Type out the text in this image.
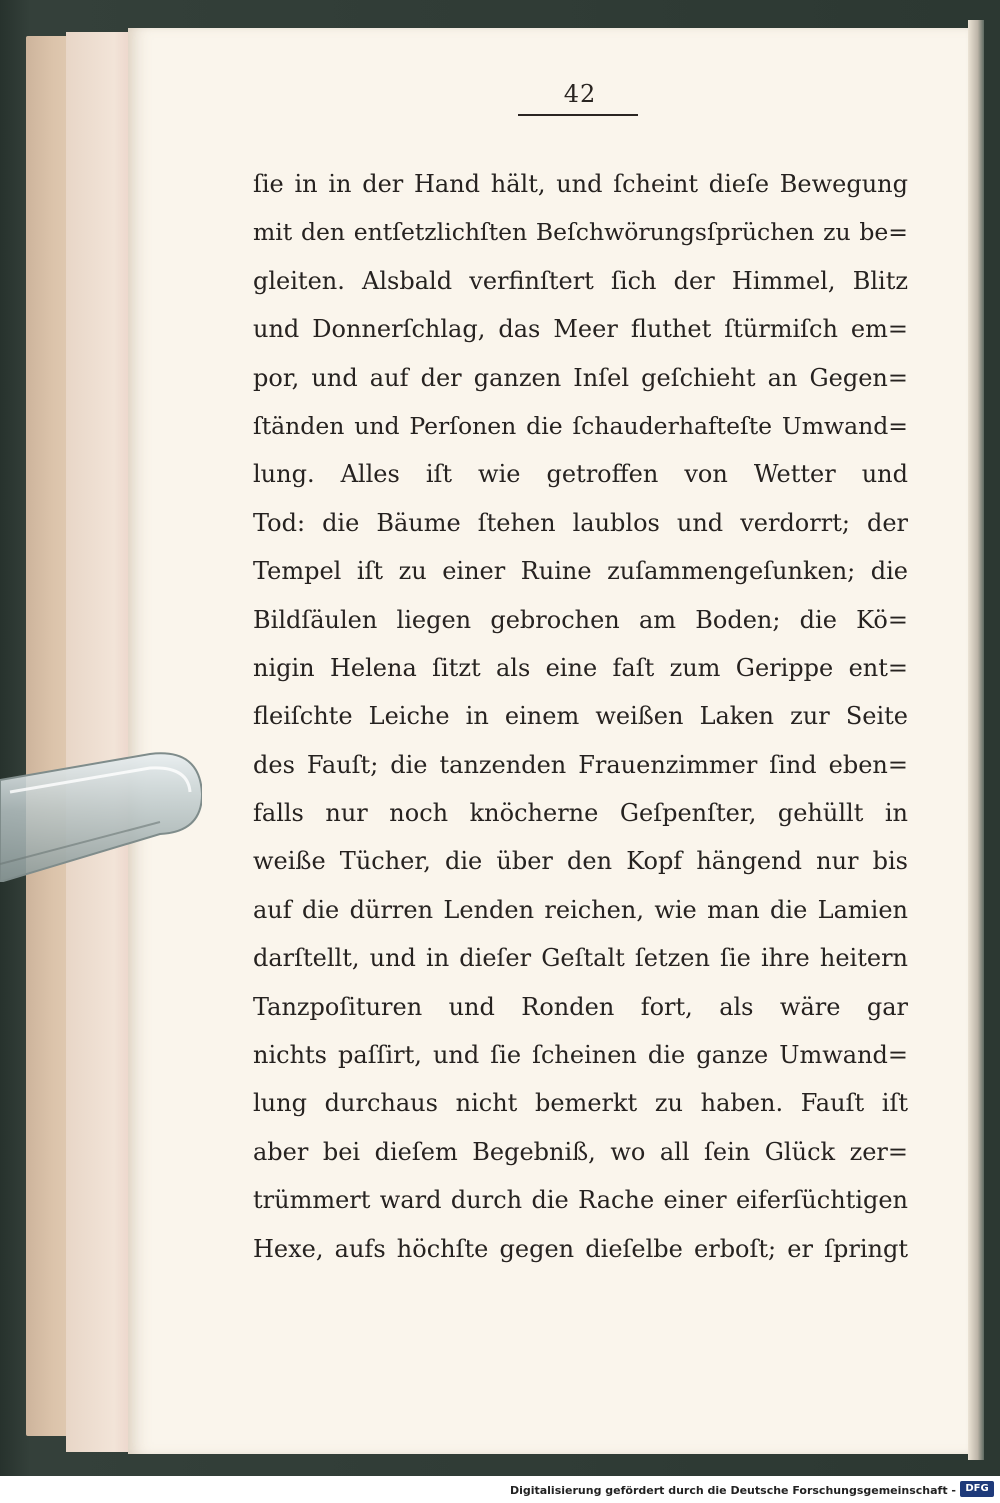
42
ſie in in der Hand hält, und ſcheint dieſe Bewegung
mit den entſetzlichſten Beſchwörungsſprüchen zu be=
gleiten. Alsbald verfinſtert ſich der Himmel, Blitz
und Donnerſchlag, das Meer fluthet ſtürmiſch em=
por, und auf der ganzen Inſel geſchieht an Gegen=
ſtänden und Perſonen die ſchauderhafteſte Umwand=
lung. Alles iſt wie getroffen von Wetter und
Tod: die Bäume ſtehen laublos und verdorrt; der
Tempel iſt zu einer Ruine zuſammengeſunken; die
Bildſäulen liegen gebrochen am Boden; die Kö=
nigin Helena ſitzt als eine faſt zum Gerippe ent=
fleiſchte Leiche in einem weißen Laken zur Seite
des Fauſt; die tanzenden Frauenzimmer ſind eben=
falls nur noch knöcherne Geſpenſter, gehüllt in
weiße Tücher, die über den Kopf hängend nur bis
auf die dürren Lenden reichen, wie man die Lamien
darſtellt, und in dieſer Geſtalt ſetzen ſie ihre heitern
Tanzpoſituren und Ronden fort, als wäre gar
nichts paſſirt, und ſie ſcheinen die ganze Umwand=
lung durchaus nicht bemerkt zu haben. Fauſt iſt
aber bei dieſem Begebniß, wo all ſein Glück zer=
trümmert ward durch die Rache einer eiferſüchtigen
Hexe, aufs höchſte gegen dieſelbe erboſt; er ſpringt
Digitalisierung gefördert durch die Deutsche Forschungsgemeinschaft - DFG
